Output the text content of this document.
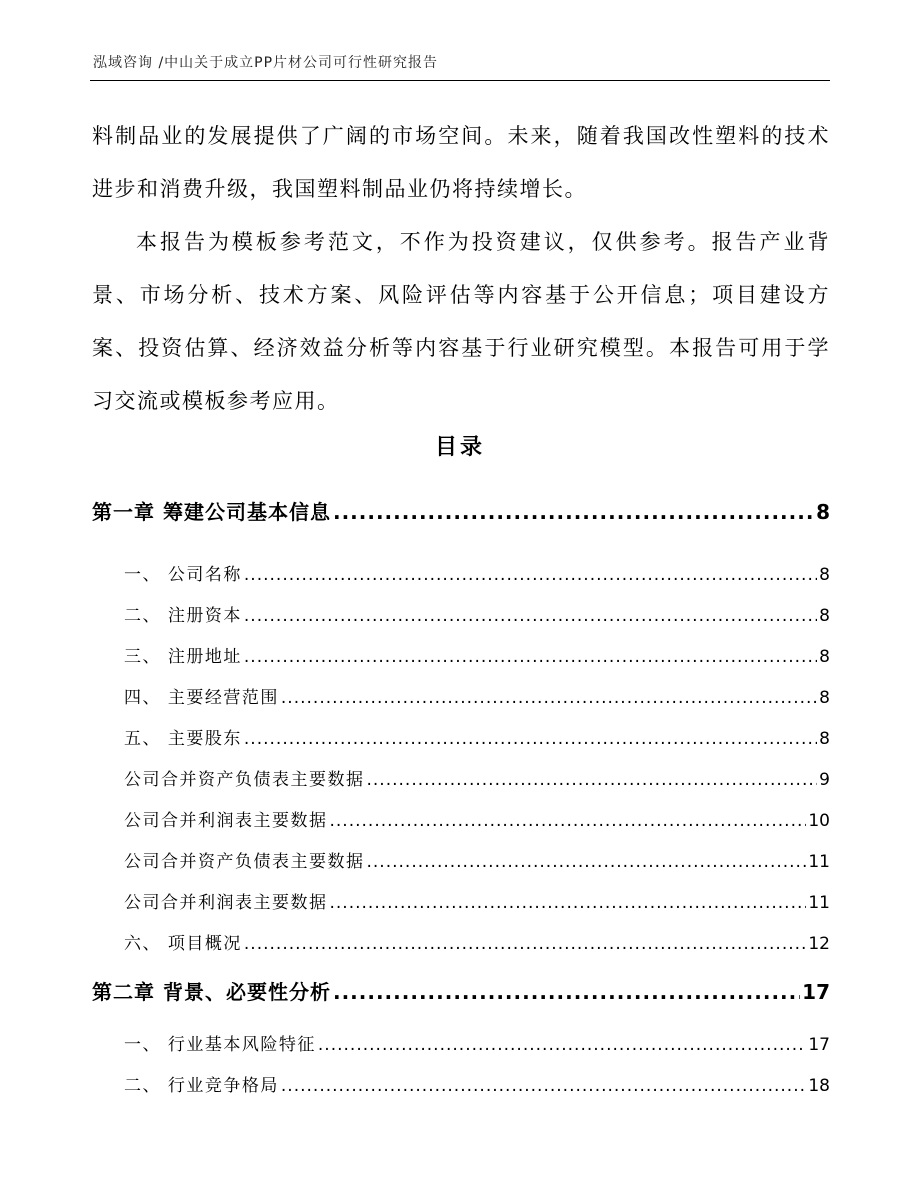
泓域咨询 /中山关于成立PP片材公司可行性研究报告
料制品业的发展提供了广阔的市场空间。未来，随着我国改性塑料的技术进步和消费升级，我国塑料制品业仍将持续增长。
本报告为模板参考范文，不作为投资建议，仅供参考。报告产业背景、市场分析、技术方案、风险评估等内容基于公开信息；项目建设方案、投资估算、经济效益分析等内容基于行业研究模型。本报告可用于学习交流或模板参考应用。
目录
第一章 筹建公司基本信息 .....	8
一、 公司名称 .....	8
二、 注册资本 .....	8
三、 注册地址 .....	8
四、 主要经营范围 .....	8
五、 主要股东 .....	8
公司合并资产负债表主要数据 .....	9
公司合并利润表主要数据 .....	10
公司合并资产负债表主要数据 .....	11
公司合并利润表主要数据 .....	11
六、 项目概况 .....	12
第二章 背景、必要性分析 .....	17
一、 行业基本风险特征 .....	17
二、 行业竞争格局 .....	18
